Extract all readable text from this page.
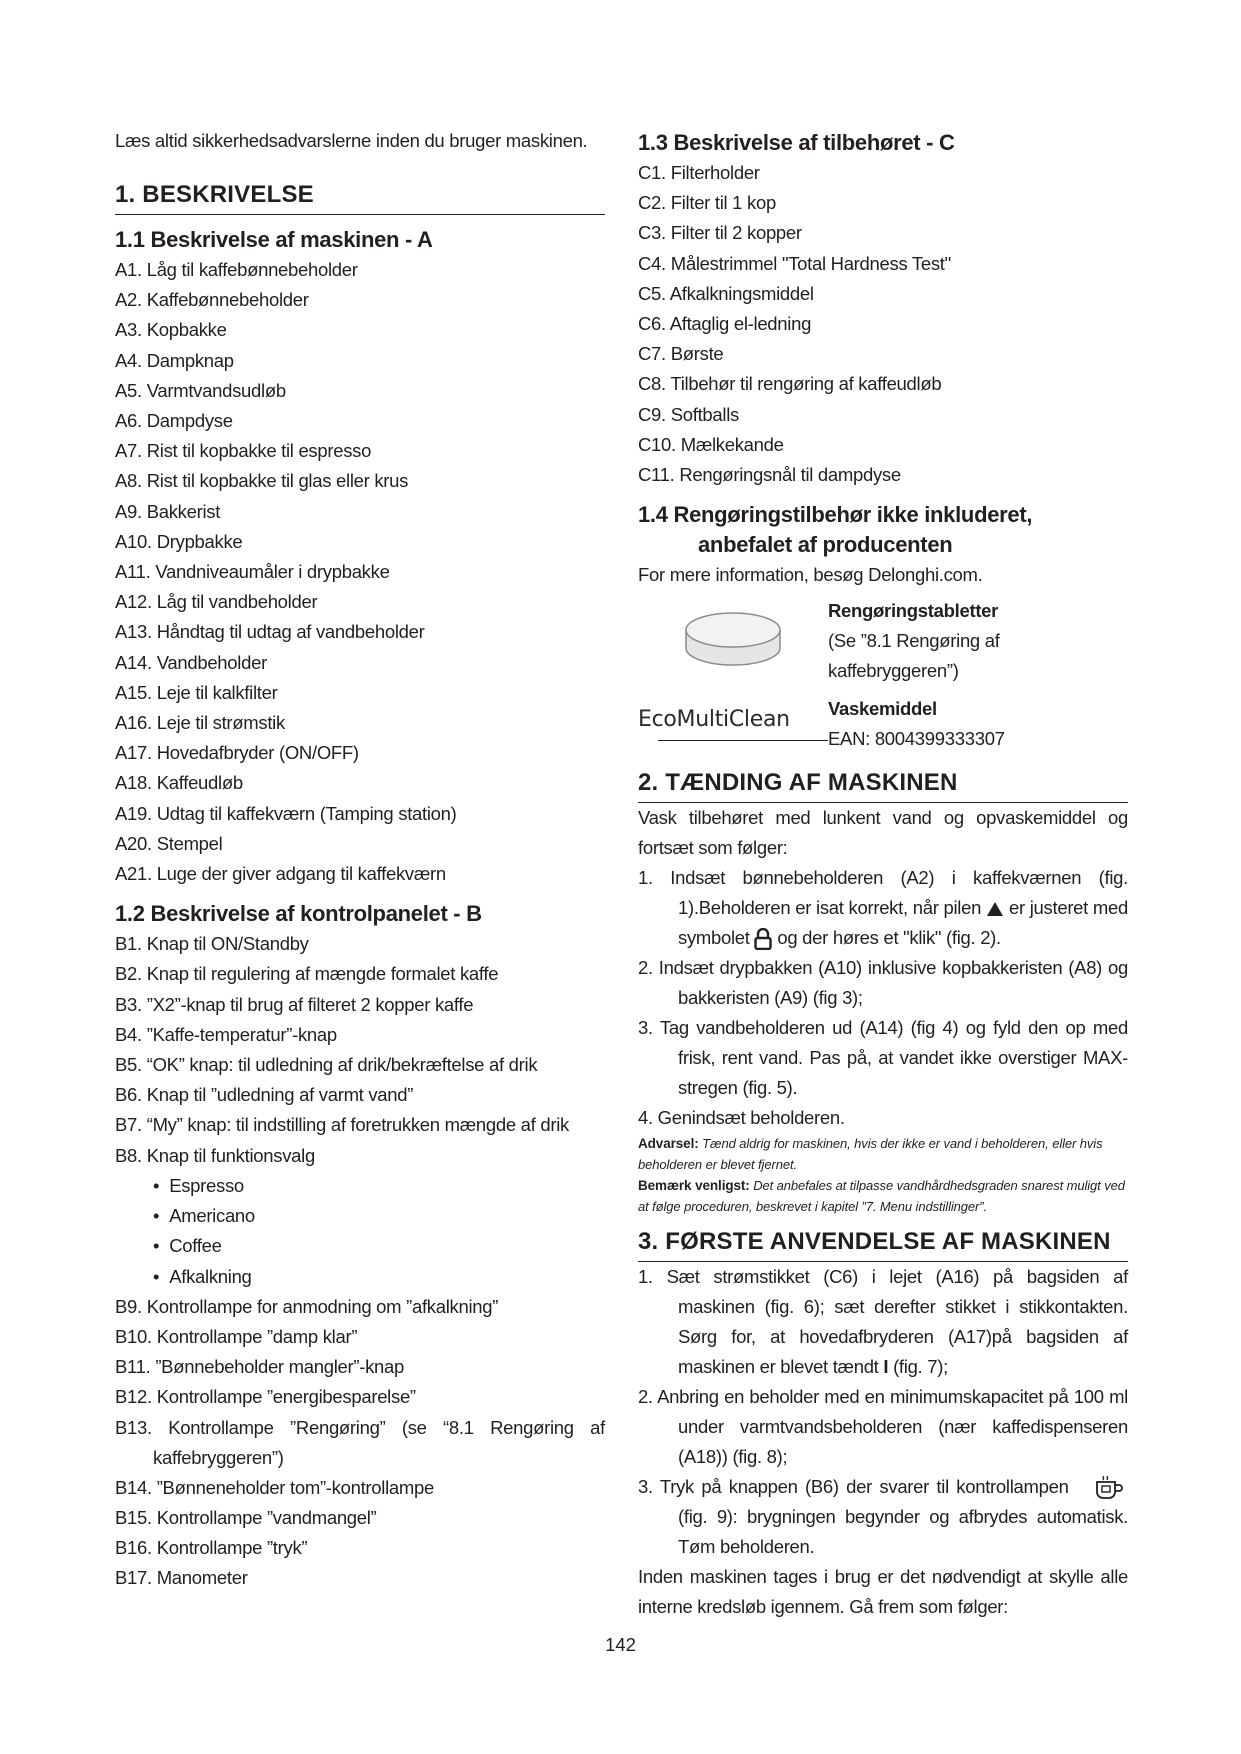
Læs altid sikkerhedsadvarslerne inden du bruger maskinen.

1. BESKRIVELSE
1.1 Beskrivelse af maskinen - A
A1. Låg til kaffebønnebeholder
A2. Kaffebønnebeholder
A3. Kopbakke
A4. Dampknap
A5. Varmtvandsudløb
A6. Dampdyse
A7. Rist til kopbakke til espresso
A8. Rist til kopbakke til glas eller krus
A9. Bakkerist
A10. Drypbakke
A11. Vandniveaumåler i drypbakke
A12. Låg til vandbeholder
A13. Håndtag til udtag af vandbeholder
A14. Vandbeholder
A15. Leje til kalkfilter
A16. Leje til strømstik
A17. Hovedafbryder (ON/OFF)
A18. Kaffeudløb
A19. Udtag til kaffekværn (Tamping station)
A20. Stempel
A21. Luge der giver adgang til kaffekværn
1.2 Beskrivelse af kontrolpanelet - B
B1. Knap til ON/Standby
B2. Knap til regulering af mængde formalet kaffe
B3. ”X2”-knap til brug af filteret 2 kopper kaffe
B4. ”Kaffe-temperatur”-knap
B5. “OK” knap: til udledning af drik/bekræftelse af drik
B6. Knap til ”udledning af varmt vand”
B7. “My” knap: til indstilling af foretrukken mængde af drik
B8. Knap til funktionsvalg
• Espresso
• Americano
• Coffee
• Afkalkning
B9. Kontrollampe for anmodning om ”afkalkning”
B10. Kontrollampe ”damp klar”
B11. ”Bønnebeholder mangler”-knap
B12. Kontrollampe ”energibesparelse”
B13. Kontrollampe ”Rengøring” (se “8.1 Rengøring af kaffebryggeren”)
B14. ”Bønneneholder tom”-kontrollampe
B15. Kontrollampe ”vandmangel”
B16. Kontrollampe ”tryk”
B17. Manometer
1.3 Beskrivelse af tilbehøret - C
C1. Filterholder
C2. Filter til 1 kop
C3. Filter til 2 kopper
C4. Målestrimmel "Total Hardness Test"
C5. Afkalkningsmiddel
C6. Aftaglig el-ledning
C7. Børste
C8. Tilbehør til rengøring af kaffeudløb
C9. Softballs
C10. Mælkekande
C11. Rengøringsnål til dampdyse
1.4 Rengøringstilbehør ikke inkluderet,
anbefalet af producenten

For mere information, besøg Delonghi.com.

Rengøringstabletter
(Se ”8.1 Rengøring af kaffebryggeren”)
EcoMultiClean Vaskemiddel
EAN: 8004399333307
2. TÆNDING AF MASKINEN

Vask tilbehøret med lunkent vand og opvaskemiddel og fortsæt som følger:

1. Indsæt bønnebeholderen (A2) i kaffekværnen (fig. 1).Beholderen er isat korrekt, når pilen er justeret med symbolet og der høres et "klik" (fig. 2).
2. Indsæt drypbakken (A10) inklusive kopbakkeristen (A8) og bakkeristen (A9) (fig 3);
3. Tag vandbeholderen ud (A14) (fig 4) og fyld den op med frisk, rent vand. Pas på, at vandet ikke overstiger MAX-stregen (fig. 5).
4. Genindsæt beholderen.

Advarsel: Tænd aldrig for maskinen, hvis der ikke er vand i beholderen, eller hvis beholderen er blevet fjernet.

Bemærk venligst: Det anbefales at tilpasse vandhårdhedsgraden snarest muligt ved at følge proceduren, beskrevet i kapitel ”7. Menu indstillinger”.

3. FØRSTE ANVENDELSE AF MASKINEN
1. Sæt strømstikket (C6) i lejet (A16) på bagsiden af maskinen (fig. 6); sæt derefter stikket i stikkontakten. Sørg for, at hovedafbryderen (A17)på bagsiden af maskinen er blevet tændt I (fig. 7);
2. Anbring en beholder med en minimumskapacitet på 100 ml under varmtvandsbeholderen (nær kaffedispenseren (A18)) (fig. 8);
3. Tryk på knappen (B6) der svarer til kontrollampen  (fig. 9): brygningen begynder og afbrydes automatisk. Tøm beholderen.

Inden maskinen tages i brug er det nødvendigt at skylle alle interne kredsløb igennem. Gå frem som følger:

142
